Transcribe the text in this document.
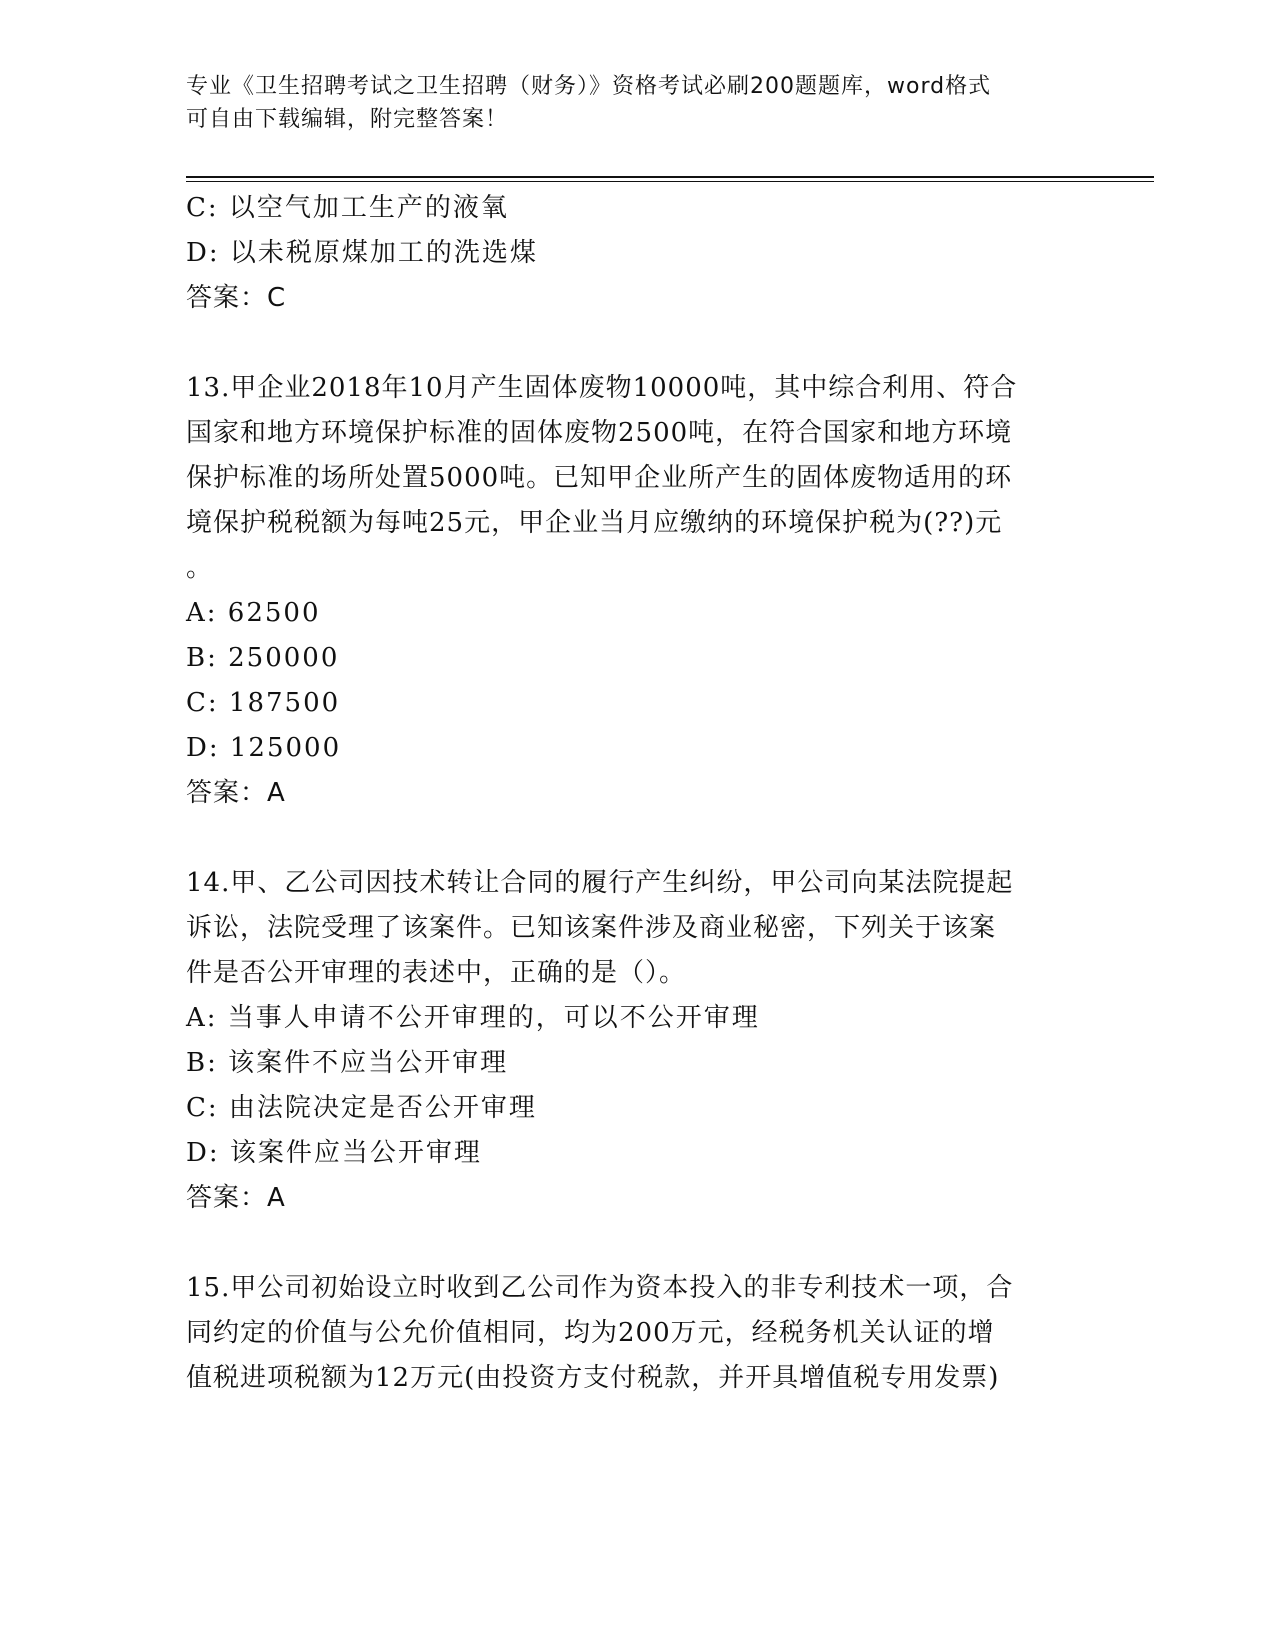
专业《卫生招聘考试之卫生招聘（财务）》资格考试必刷200题题库，word格式
可自由下载编辑，附完整答案！
C: 以空气加工生产的液氧
D: 以未税原煤加工的洗选煤
答案：C
13.甲企业2018年10月产生固体废物10000吨，其中综合利用、符合
国家和地方环境保护标准的固体废物2500吨，在符合国家和地方环境
保护标准的场所处置5000吨。已知甲企业所产生的固体废物适用的环
境保护税税额为每吨25元，甲企业当月应缴纳的环境保护税为(??)元
。
A: 62500
B: 250000
C: 187500
D: 125000
答案：A
14.甲、乙公司因技术转让合同的履行产生纠纷，甲公司向某法院提起
诉讼，法院受理了该案件。已知该案件涉及商业秘密，下列关于该案
件是否公开审理的表述中，正确的是（）。
A: 当事人申请不公开审理的，可以不公开审理
B: 该案件不应当公开审理
C: 由法院决定是否公开审理
D: 该案件应当公开审理
答案：A
15.甲公司初始设立时收到乙公司作为资本投入的非专利技术一项，合
同约定的价值与公允价值相同，均为200万元，经税务机关认证的增
值税进项税额为12万元(由投资方支付税款，并开具增值税专用发票)
